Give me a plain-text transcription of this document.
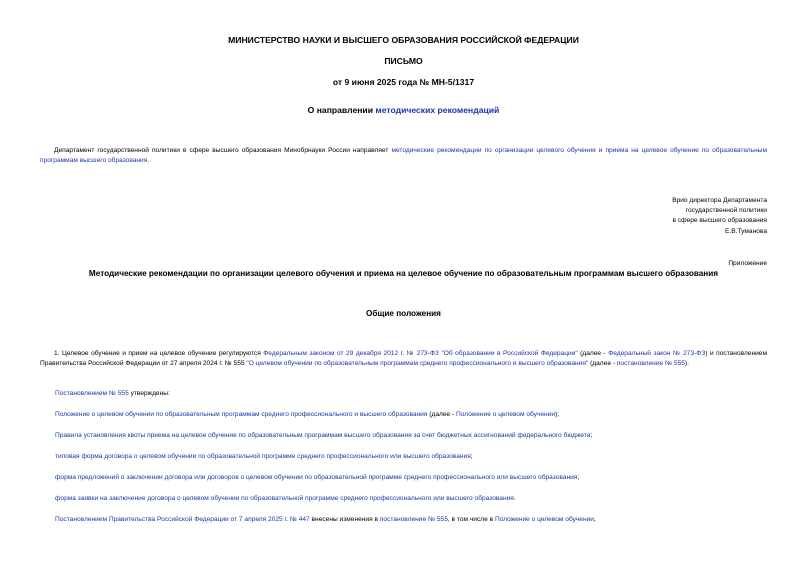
МИНИСТЕРСТВО НАУКИ И ВЫСШЕГО ОБРАЗОВАНИЯ РОССИЙСКОЙ ФЕДЕРАЦИИ
ПИСЬМО
от 9 июня 2025 года № МН-5/1317
О направлении методических рекомендаций
Департамент государственной политики в сфере высшего образования Минобрнауки России направляет методические рекомендации по организации целевого обучения и приема на целевое обучение по образовательным программам высшего образования.
Врио директора Департамента
государственной политики
в сфере высшего образования
Е.В.Туманова
Приложение
Методические рекомендации по организации целевого обучения и приема на целевое обучение по образовательным программам высшего образования
Общие положения
1. Целевое обучение и прием на целевое обучение регулируются Федеральным законом от 29 декабря 2012 г. № 273-ФЗ "Об образовании в Российской Федерации" (далее - Федеральный закон № 273-ФЗ) и постановлением Правительства Российской Федерации от 27 апреля 2024 г. № 555 "О целевом обучении по образовательным программам среднего профессионального и высшего образования" (далее - постановление № 555).
Постановлением № 555 утверждены:
Положение о целевом обучении по образовательным программам среднего профессионального и высшего образования (далее - Положение о целевом обучении);
Правила установления квоты приема на целевое обучение по образовательным программам высшего образования за счет бюджетных ассигнований федерального бюджета;
типовая форма договора о целевом обучении по образовательной программе среднего профессионального или высшего образования;
форма предложений о заключении договора или договоров о целевом обучении по образовательной программе среднего профессионального или высшего образования;
форма заявки на заключение договора о целевом обучении по образовательной программе среднего профессионального или высшего образования.
Постановлением Правительства Российской Федерации от 7 апреля 2025 г. № 447 внесены изменения в постановление № 555, в том числе в Положение о целевом обучении,
